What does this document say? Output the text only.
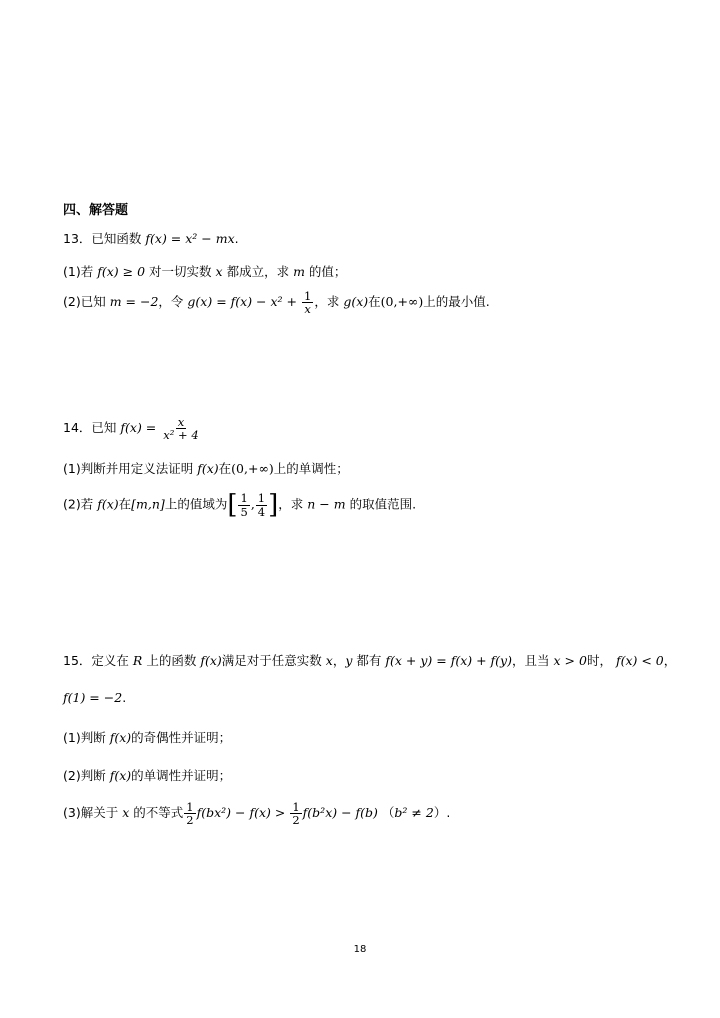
四、解答题
13．已知函数 f(x) = x² − mx.
(1)若 f(x) ≥ 0 对一切实数 x 都成立，求 m 的值；
(2)已知 m = −2，令 $g(x) = f(x) - x^2 + \frac{1}{x}$ ，求 g(x)在(0,+∞)上的最小值.
14．已知 $f(x) = \frac{x}{\text{x² + 4}}$
(1)判断并用定义法证明 f(x)在(0,+∞)上的单调性；
(2)若 f(x)在[m,n]上的值域为[ $\frac{1}{5}$ , $\frac{1}{4}$ ]，求 n − m 的取值范围.
15．定义在 R 上的函数 f(x)满足对于任意实数 x，y 都有 f(x + y) = f(x) + f(y)，且当 x > 0时， f(x) < 0，
f(1) = −2.
(1)判断 f(x)的奇偶性并证明；
(2)判断 f(x)的单调性并证明；
(3)解关于 x 的不等式 $\frac{1}{2} f(bx^2) - f(x) > \frac{1}{2} f(b^2x) - f(b) (b^2 \ne 2)$.
18
